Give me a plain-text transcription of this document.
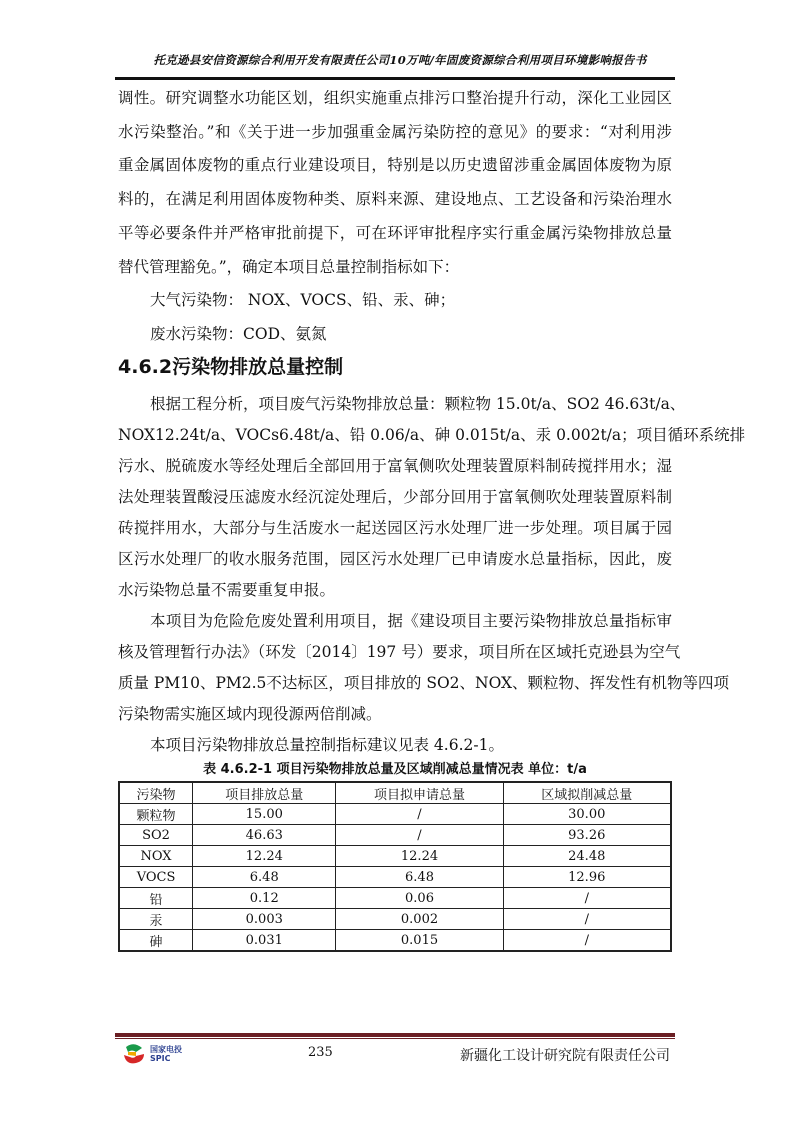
托克逊县安信资源综合利用开发有限责任公司10万吨/年固废资源综合利用项目环境影响报告书
调性。研究调整水功能区划，组织实施重点排污口整治提升行动，深化工业园区
水污染整治。”和《关于进一步加强重金属污染防控的意见》的要求：“对利用涉
重金属固体废物的重点行业建设项目，特别是以历史遗留涉重金属固体废物为原
料的，在满足利用固体废物种类、原料来源、建设地点、工艺设备和污染治理水
平等必要条件并严格审批前提下，可在环评审批程序实行重金属污染物排放总量
替代管理豁免。”，确定本项目总量控制指标如下：
大气污染物： NOX、VOCS、铅、汞、砷；
废水污染物：COD、氨氮
根据工程分析，项目废气污染物排放总量：颗粒物 15.0t/a、SO2 46.63t/a、
NOX12.24t/a、VOCs6.48t/a、铅 0.06/a、砷 0.015t/a、汞 0.002t/a；项目循环系统排
污水、脱硫废水等经处理后全部回用于富氧侧吹处理装置原料制砖搅拌用水；湿
法处理装置酸浸压滤废水经沉淀处理后，少部分回用于富氧侧吹处理装置原料制
砖搅拌用水，大部分与生活废水一起送园区污水处理厂进一步处理。项目属于园
区污水处理厂的收水服务范围，园区污水处理厂已申请废水总量指标，因此，废
水污染物总量不需要重复申报。
本项目为危险危废处置利用项目，据《建设项目主要污染物排放总量指标审
核及管理暂行办法》（环发〔2014〕197 号）要求，项目所在区域托克逊县为空气
质量 PM10、PM2.5不达标区，项目排放的 SO2、NOX、颗粒物、挥发性有机物等四项
污染物需实施区域内现役源两倍削减。
本项目污染物排放总量控制指标建议见表 4.6.2-1。
4.6.2污染物排放总量控制
表 4.6.2-1 项目污染物排放总量及区域削减总量情况表 单位：t/a
污染物	项目排放总量	项目拟申请总量	区域拟削减总量
颗粒物	15.00	/	30.00
SO2	46.63	/	93.26
NOX	12.24	12.24	24.48
VOCS	6.48	6.48	12.96
铅	0.12	0.06	/
汞	0.003	0.002	/
砷	0.031	0.015	/
国家电投
SPIC	235	新疆化工设计研究院有限责任公司
